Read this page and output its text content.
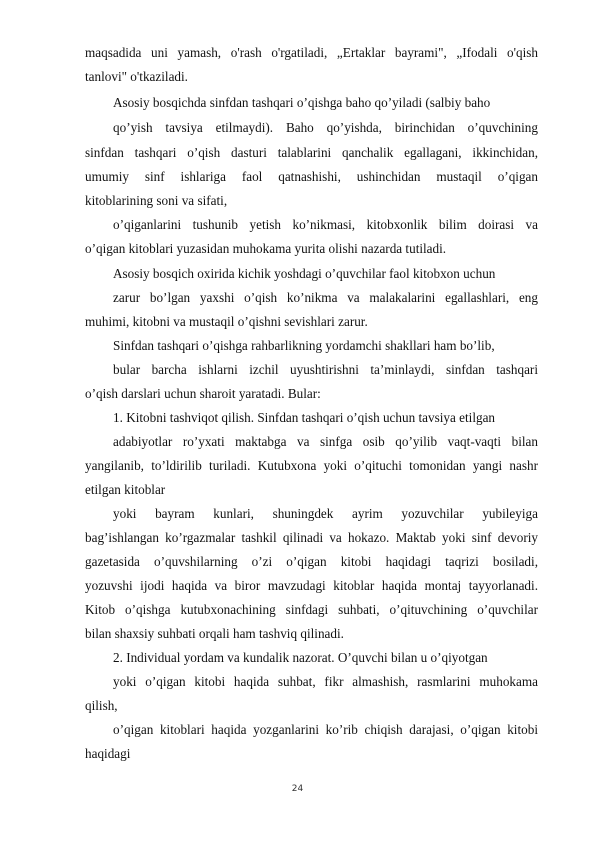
maqsadida uni yamash, o'rash o'rgatiladi, „Ertaklar bayrami", „Ifodali o'qish
tanlovi" o'tkaziladi.
Asosiy bosqichda sinfdan tashqari o’qishga baho qo’yiladi (salbiy baho
qo’yish tavsiya etilmaydi). Baho qo’yishda, birinchidan o’quvchining
sinfdan tashqari o’qish dasturi talablarini qanchalik egallagani, ikkinchidan,
umumiy sinf ishlariga faol qatnashishi, ushinchidan mustaqil o’qigan
kitoblarining soni va sifati,
o’qiganlarini tushunib yetish ko’nikmasi, kitobxonlik bilim doirasi va
o’qigan kitoblari yuzasidan muhokama yurita olishi nazarda tutiladi.
Asosiy bosqich oxirida kichik yoshdagi o’quvchilar faol kitobxon uchun
zarur bo’lgan yaxshi o’qish ko’nikma va malakalarini egallashlari, eng
muhimi, kitobni va mustaqil o’qishni sevishlari zarur.
Sinfdan tashqari o’qishga rahbarlikning yordamchi shakllari ham bo’lib,
bular barcha ishlarni izchil uyushtirishni ta’minlaydi, sinfdan tashqari
o’qish darslari uchun sharoit yaratadi. Bular:
1. Kitobni tashviqot qilish. Sinfdan tashqari o’qish uchun tavsiya etilgan
adabiyotlar ro’yxati maktabga va sinfga osib qo’yilib vaqt-vaqti bilan
yangilanib, to’ldirilib turiladi. Kutubxona yoki o’qituchi tomonidan yangi nashr
etilgan kitoblar
yoki bayram kunlari, shuningdek ayrim yozuvchilar yubileyiga
bag’ishlangan ko’rgazmalar tashkil qilinadi va hokazo. Maktab yoki sinf devoriy
gazetasida o’quvshilarning o’zi o’qigan kitobi haqidagi taqrizi bosiladi,
yozuvshi ijodi haqida va biror mavzudagi kitoblar haqida montaj tayyorlanadi.
Kitob o’qishga kutubxonachining sinfdagi suhbati, o’qituvchining o’quvchilar
bilan shaxsiy suhbati orqali ham tashviq qilinadi.
2. Individual yordam va kundalik nazorat. O’quvchi bilan u o’qiyotgan
yoki o’qigan kitobi haqida suhbat, fikr almashish, rasmlarini muhokama
qilish,
o’qigan kitoblari haqida yozganlarini ko’rib chiqish darajasi, o’qigan kitobi
haqidagi
24
